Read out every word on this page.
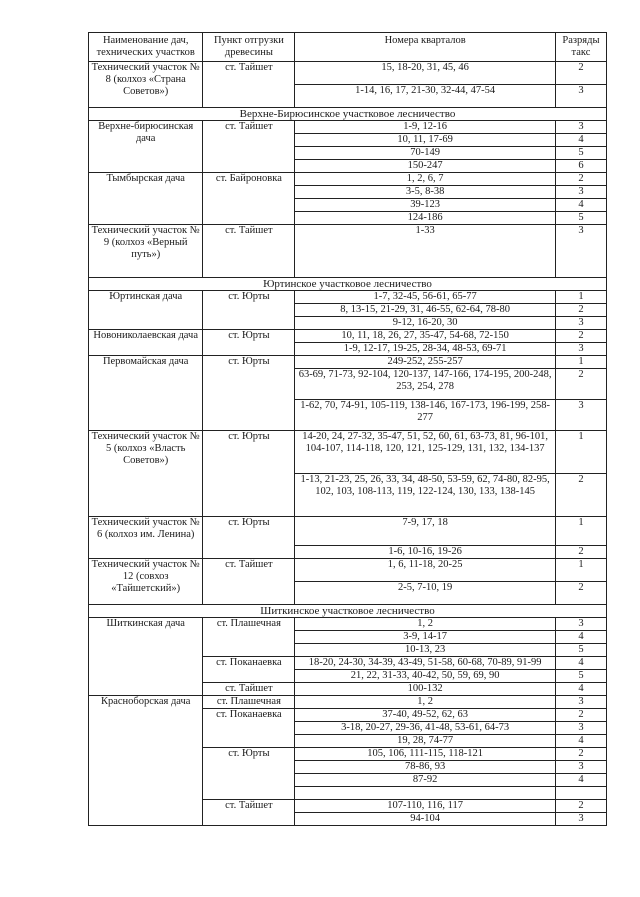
Наименование дач, технических участков	Пункт отгрузки древесины	Номера кварталов	Разряды такс
Технический участок № 8 (колхоз «Страна Советов»)	ст. Тайшет	15, 18-20, 31, 45, 46	2
		1-14, 16, 17, 21-30, 32-44, 47-54	3
Верхне-Бирюсинское участковое лесничество			
Верхне-бирюсинская дача	ст. Тайшет	1-9, 12-16	3
		10, 11, 17-69	4
		70-149	5
		150-247	6
Тымбырская дача	ст. Байроновка	1, 2, 6, 7	2
		3-5, 8-38	3
		39-123	4
		124-186	5
Технический участок № 9 (колхоз «Верный путь»)	ст. Тайшет	1-33	3
Юртинское участковое лесничество			
Юртинская дача	ст. Юрты	1-7, 32-45, 56-61, 65-77	1
		8, 13-15, 21-29, 31, 46-55, 62-64, 78-80	2
		9-12, 16-20, 30	3
Новониколаевская дача	ст. Юрты	10, 11, 18, 26, 27, 35-47, 54-68, 72-150	2
		1-9, 12-17, 19-25, 28-34, 48-53, 69-71	3
Первомайская дача	ст. Юрты	249-252, 255-257	1
		63-69, 71-73, 92-104, 120-137, 147-166, 174-195, 200-248, 253, 254, 278	2
		1-62, 70, 74-91, 105-119, 138-146, 167-173, 196-199, 258-277	3
Технический участок № 5 (колхоз «Власть Советов»)	ст. Юрты	14-20, 24, 27-32, 35-47, 51, 52, 60, 61, 63-73, 81, 96-101, 104-107, 114-118, 120, 121, 125-129, 131, 132, 134-137	1
		1-13, 21-23, 25, 26, 33, 34, 48-50, 53-59, 62, 74-80, 82-95, 102, 103, 108-113, 119, 122-124, 130, 133, 138-145	2
Технический участок № 6 (колхоз им. Ленина)	ст. Юрты	7-9, 17, 18	1
		1-6, 10-16, 19-26	2
Технический участок № 12 (совхоз «Тайшетский»)	ст. Тайшет	1, 6, 11-18, 20-25	1
		2-5, 7-10, 19	2
Шиткинское участковое лесничество			
Шиткинская дача	ст. Плашечная	1, 2	3
		3-9, 14-17	4
		10-13, 23	5
	ст. Поканаевка	18-20, 24-30, 34-39, 43-49, 51-58, 60-68, 70-89, 91-99	4
		21, 22, 31-33, 40-42, 50, 59, 69, 90	5
	ст. Тайшет	100-132	4
Красноборская дача	ст. Плашечная	1, 2	3
	ст. Поканаевка	37-40, 49-52, 62, 63	2
		3-18, 20-27, 29-36, 41-48, 53-61, 64-73	3
		19, 28, 74-77	4
	ст. Юрты	105, 106, 111-115, 118-121	2
		78-86, 93	3
		87-92	4

	ст. Тайшет	107-110, 116, 117	2
		94-104	3
